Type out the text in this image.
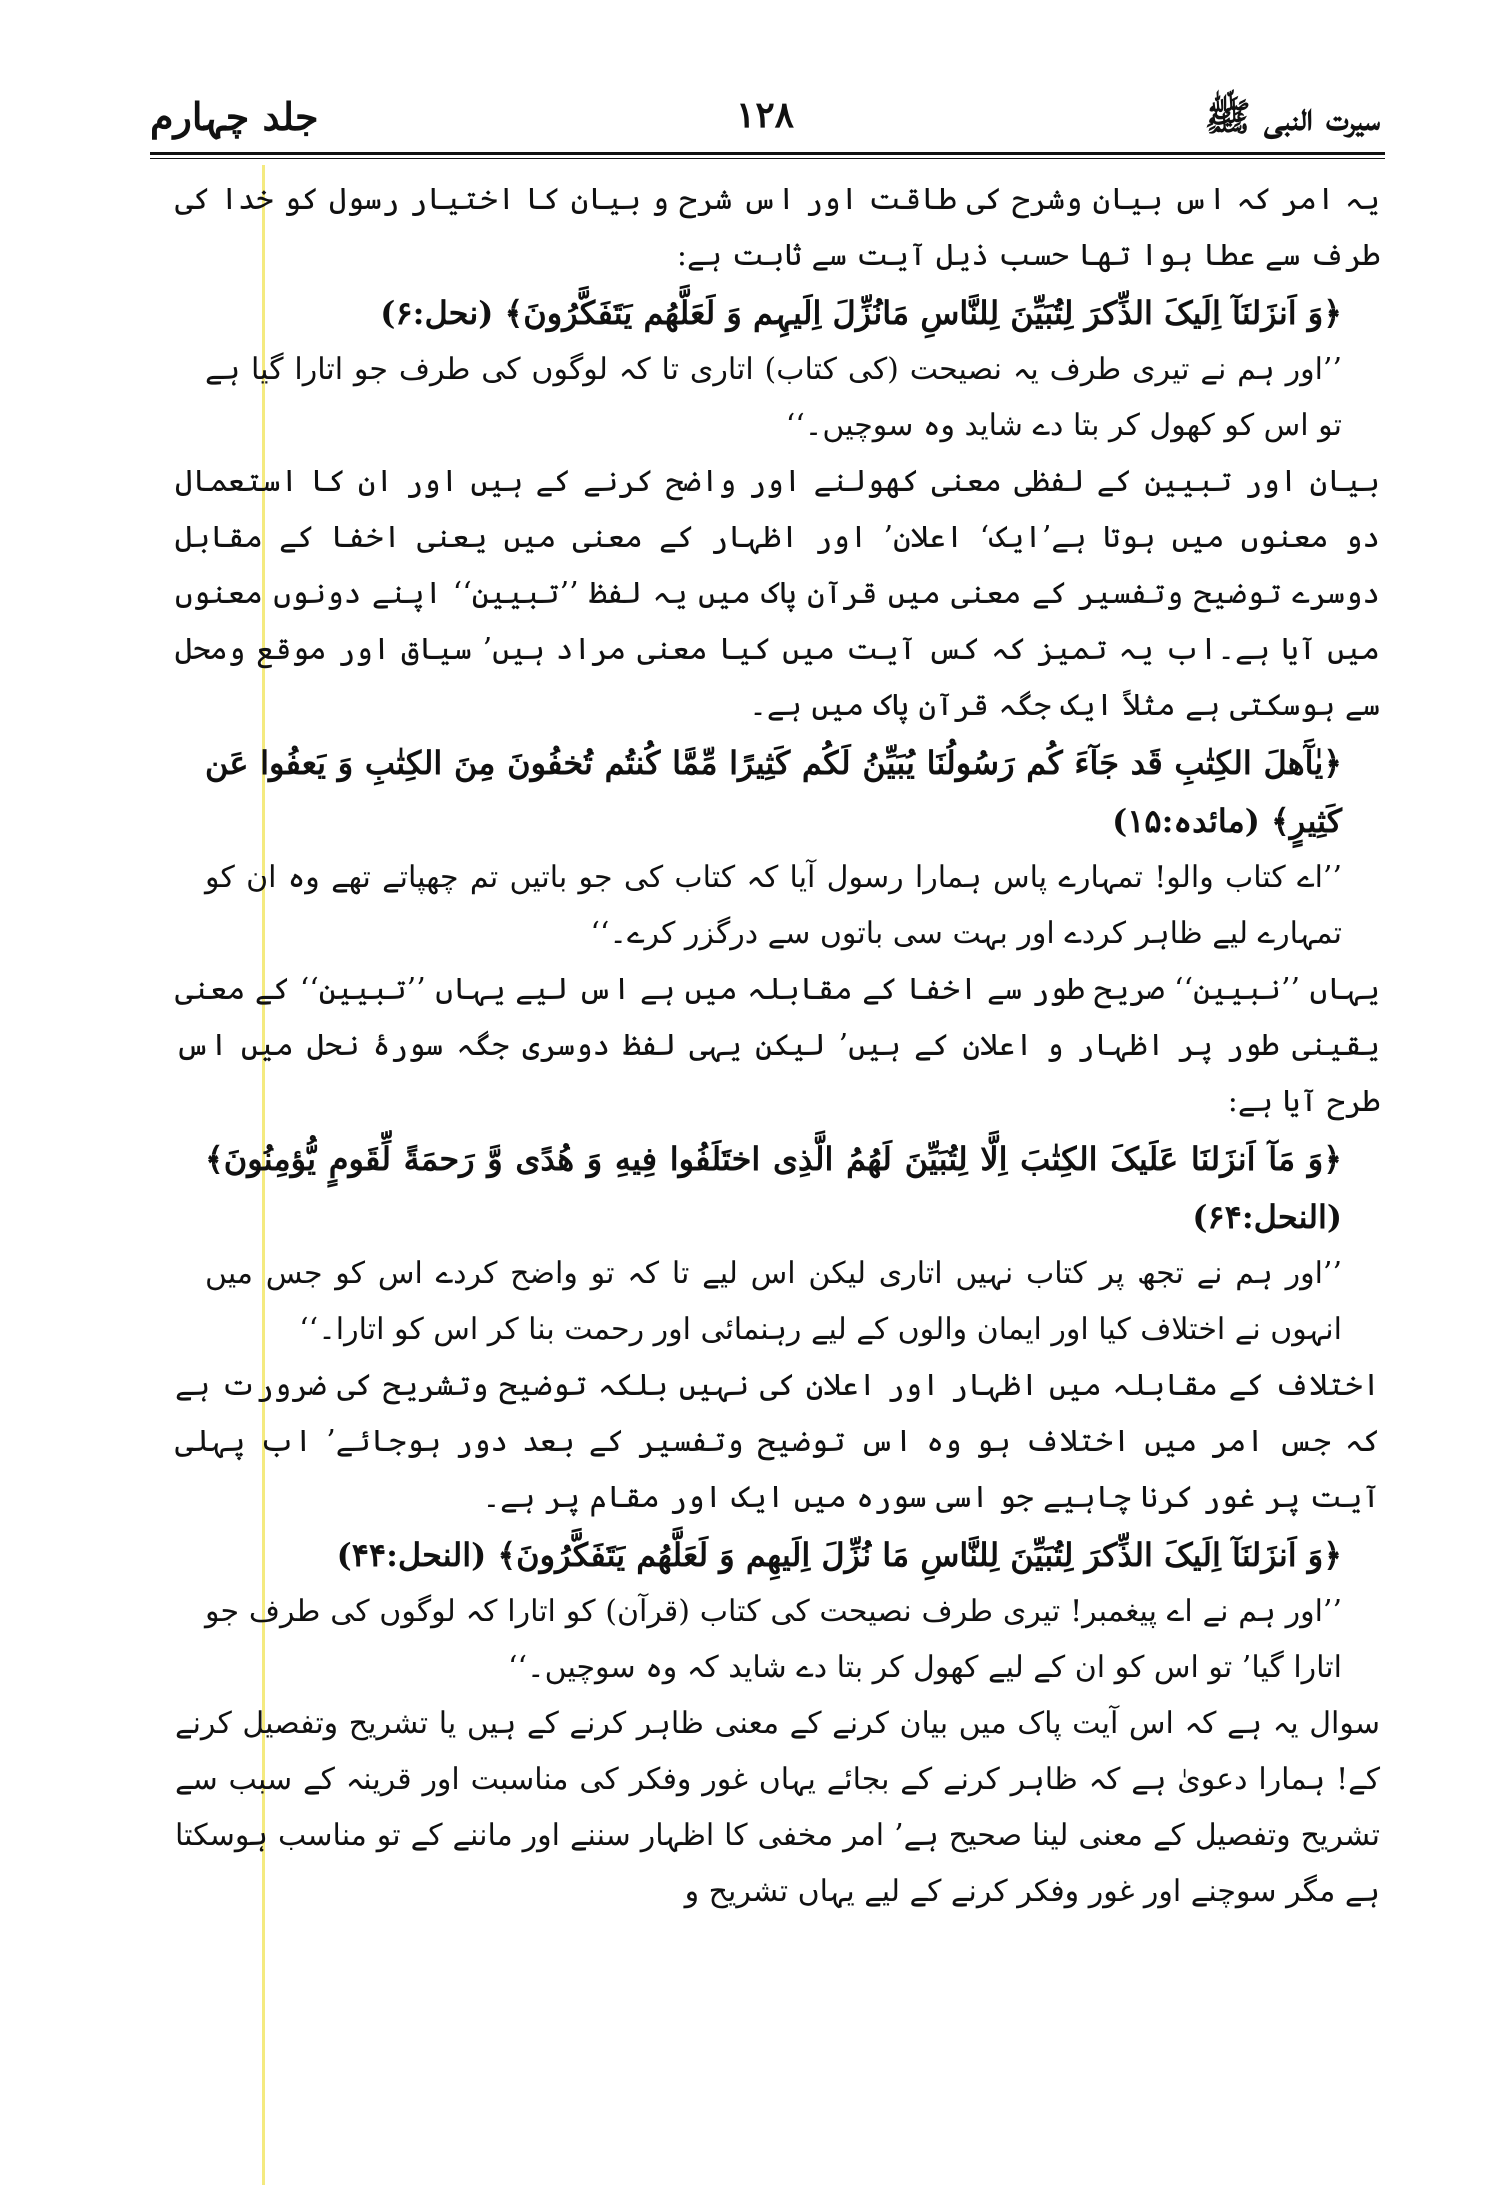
سیرت النبی ﷺ
۱۲۸
جلد چہارم

یہ امر کہ اس بیان وشرح کی طاقت اور اس شرح و بیان کا اختیار رسول کو خدا کی طرف سے عطا ہوا تھا حسب ذیل آیت سے ثابت ہے:

﴿وَ اَنزَلنَآ اِلَیکَ الذِّکرَ لِتُبَیِّنَ لِلنَّاسِ مَانُزِّلَ اِلَیہِم وَ لَعَلَّهُم یَتَفَکَّرُونَ﴾ (نحل:۶)

’’اور ہم نے تیری طرف یہ نصیحت (کی کتاب) اتاری تا کہ لوگوں کی طرف جو اتارا گیا ہے تو اس کو کھول کر بتا دے شاید وہ سوچیں۔‘‘

بیان اور تبیین کے لفظی معنی کھولنے اور واضح کرنے کے ہیں اور ان کا استعمال دو معنوں میں ہوتا ہے’ایک‘ اعلان’ اور اظہار کے معنی میں یعنی اخفا کے مقابل دوسرے توضیح وتفسیر کے معنی میں قرآن پاک میں یہ لفظ ’’تبیین‘‘ اپنے دونوں معنوں میں آیا ہے۔اب یہ تمیز کہ کس آیت میں کیا معنی مراد ہیں’ سیاق اور موقع ومحل سے ہوسکتی ہے مثلاً ایک جگہ قرآن پاک میں ہے۔

﴿یٰآَهلَ الکِتٰبِ قَد جَآءَ کُم رَسُولُنَا یُبَیِّنُ لَکُم کَثِیرًا مِّمَّا کُنتُم تُخفُونَ مِنَ الکِتٰبِ وَ یَعفُوا عَن کَثِیرٍ﴾ (مائدہ:۱۵)

’’اے کتاب والو! تمہارے پاس ہمارا رسول آیا کہ کتاب کی جو باتیں تم چھپاتے تھے وہ ان کو تمہارے لیے ظاہر کردے اور بہت سی باتوں سے درگزر کرے۔‘‘

یہاں ’’نبیین‘‘ صریح طور سے اخفا کے مقابلہ میں ہے اس لیے یہاں ’’تبیین‘‘ کے معنی یقینی طور پر اظہار و اعلان کے ہیں’ لیکن یہی لفظ دوسری جگہ سورۂ نحل میں اس طرح آیا ہے:

﴿وَ مَآ اَنزَلنَا عَلَیکَ الکِتٰبَ اِلَّا لِتُبَیِّنَ لَهُمُ الَّذِی اختَلَفُوا فِیهِ وَ هُدًی وَّ رَحمَةً لِّقَومٍ یُّؤمِنُونَ﴾ (النحل:۶۴)

’’اور ہم نے تجھ پر کتاب نہیں اتاری لیکن اس لیے تا کہ تو واضح کردے اس کو جس میں انہوں نے اختلاف کیا اور ایمان والوں کے لیے رہنمائی اور رحمت بنا کر اس کو اتارا۔‘‘

اختلاف کے مقابلہ میں اظہار اور اعلان کی نہیں بلکہ توضیح وتشریح کی ضرورت ہے کہ جس امر میں اختلاف ہو وہ اس توضیح وتفسیر کے بعد دور ہوجائے’ اب پہلی آیت پر غور کرنا چاہیے جو اسی سورہ میں ایک اور مقام پر ہے۔

﴿وَ اَنزَلنَآ اِلَیکَ الذِّکرَ لِتُبَیِّنَ لِلنَّاسِ مَا نُزِّلَ اِلَیهِم وَ لَعَلَّهُم یَتَفَکَّرُونَ﴾ (النحل:۴۴)

’’اور ہم نے اے پیغمبر! تیری طرف نصیحت کی کتاب (قرآن) کو اتارا کہ لوگوں کی طرف جو اتارا گیا’ تو اس کو ان کے لیے کھول کر بتا دے شاید کہ وہ سوچیں۔‘‘

سوال یہ ہے کہ اس آیت پاک میں بیان کرنے کے معنی ظاہر کرنے کے ہیں یا تشریح وتفصیل کرنے کے! ہمارا دعویٰ ہے کہ ظاہر کرنے کے بجائے یہاں غور وفکر کی مناسبت اور قرینہ کے سبب سے تشریح وتفصیل کے معنی لینا صحیح ہے’ امر مخفی کا اظہار سننے اور ماننے کے تو مناسب ہوسکتا ہے مگر سوچنے اور غور وفکر کرنے کے لیے یہاں تشریح و
